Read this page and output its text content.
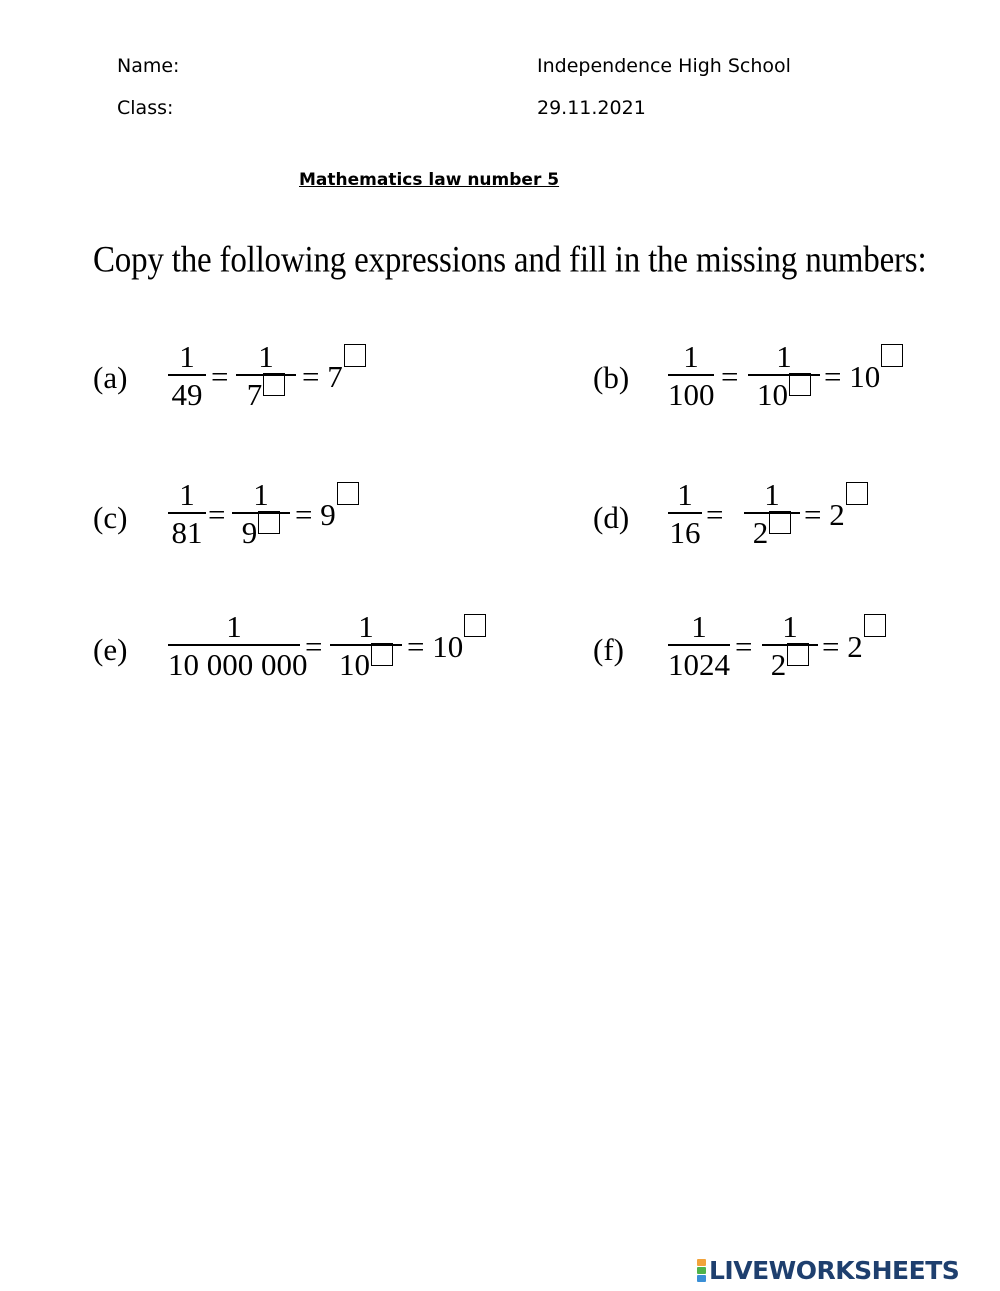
Name:
Class:
Independence High School
29.11.2021
Mathematics law number 5
Copy the following expressions and fill in the missing numbers:
(a)
1
49
=
1
7
= 7	(b)
1
100
=
1
10
= 10
(c)
1
81
=
1
9
= 9	(d)
1
16
=
1
2
= 2
(e)
1
10 000 000
=
1
10
= 10	(f)
1
1024
=
1
2
= 2
LIVEWORKSHEETS
